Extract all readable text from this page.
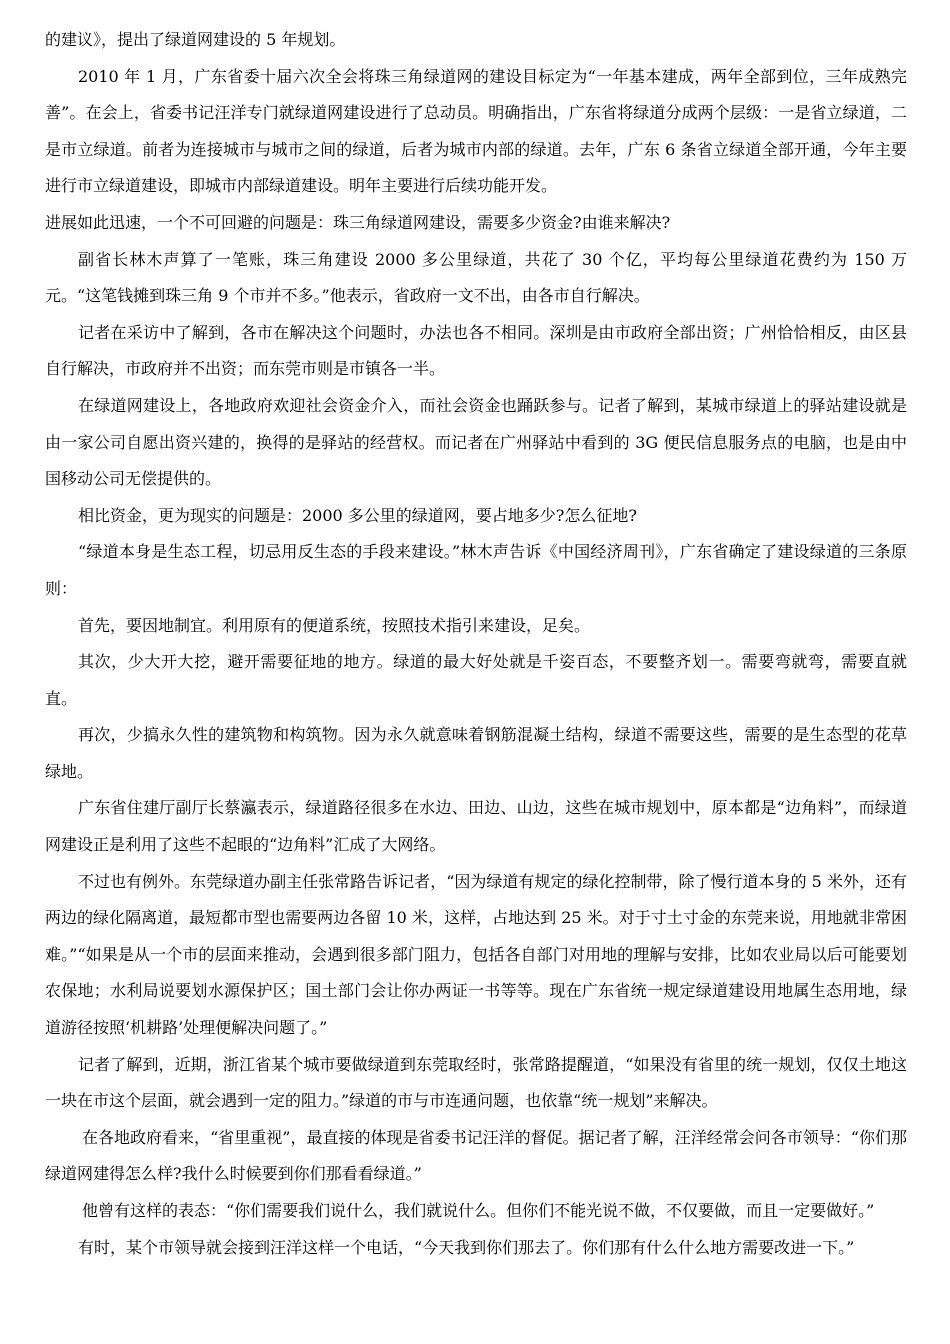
的建议》，提出了绿道网建设的 5 年规划。

2010 年 1 月，广东省委十届六次全会将珠三角绿道网的建设目标定为“一年基本建成，两年全部到位，三年成熟完善”。在会上，省委书记汪洋专门就绿道网建设进行了总动员。明确指出，广东省将绿道分成两个层级：一是省立绿道，二是市立绿道。前者为连接城市与城市之间的绿道，后者为城市内部的绿道。去年，广东 6 条省立绿道全部开通，今年主要进行市立绿道建设，即城市内部绿道建设。明年主要进行后续功能开发。

进展如此迅速，一个不可回避的问题是：珠三角绿道网建设，需要多少资金?由谁来解决?

副省长林木声算了一笔账，珠三角建设 2000 多公里绿道，共花了 30 个亿，平均每公里绿道花费约为 150 万元。“这笔钱摊到珠三角 9 个市并不多。”他表示，省政府一文不出，由各市自行解决。

记者在采访中了解到，各市在解决这个问题时，办法也各不相同。深圳是由市政府全部出资；广州恰恰相反，由区县自行解决，市政府并不出资；而东莞市则是市镇各一半。

在绿道网建设上，各地政府欢迎社会资金介入，而社会资金也踊跃参与。记者了解到，某城市绿道上的驿站建设就是由一家公司自愿出资兴建的，换得的是驿站的经营权。而记者在广州驿站中看到的 3G 便民信息服务点的电脑，也是由中国移动公司无偿提供的。

相比资金，更为现实的问题是：2000 多公里的绿道网，要占地多少?怎么征地?

“绿道本身是生态工程，切忌用反生态的手段来建设。”林木声告诉《中国经济周刊》，广东省确定了建设绿道的三条原则：

首先，要因地制宜。利用原有的便道系统，按照技术指引来建设，足矣。

其次，少大开大挖，避开需要征地的地方。绿道的最大好处就是千姿百态，不要整齐划一。需要弯就弯，需要直就直。

再次，少搞永久性的建筑物和构筑物。因为永久就意味着钢筋混凝土结构，绿道不需要这些，需要的是生态型的花草绿地。

广东省住建厅副厅长蔡瀛表示，绿道路径很多在水边、田边、山边，这些在城市规划中，原本都是“边角料”，而绿道网建设正是利用了这些不起眼的“边角料”汇成了大网络。

不过也有例外。东莞绿道办副主任张常路告诉记者，“因为绿道有规定的绿化控制带，除了慢行道本身的 5 米外，还有两边的绿化隔离道，最短都市型也需要两边各留 10 米，这样，占地达到 25 米。对于寸土寸金的东莞来说，用地就非常困难。”“如果是从一个市的层面来推动，会遇到很多部门阻力，包括各自部门对用地的理解与安排，比如农业局以后可能要划农保地；水利局说要划水源保护区；国土部门会让你办两证一书等等。现在广东省统一规定绿道建设用地属生态用地，绿道游径按照‘机耕路’处理便解决问题了。”

记者了解到，近期，浙江省某个城市要做绿道到东莞取经时，张常路提醒道，“如果没有省里的统一规划，仅仅土地这一块在市这个层面，就会遇到一定的阻力。”绿道的市与市连通问题，也依靠“统一规划”来解决。

在各地政府看来，“省里重视”，最直接的体现是省委书记汪洋的督促。据记者了解，汪洋经常会问各市领导：“你们那绿道网建得怎么样?我什么时候要到你们那看看绿道。”

他曾有这样的表态：“你们需要我们说什么，我们就说什么。但你们不能光说不做，不仅要做，而且一定要做好。”

有时，某个市领导就会接到汪洋这样一个电话，“今天我到你们那去了。你们那有什么什么地方需要改进一下。”
